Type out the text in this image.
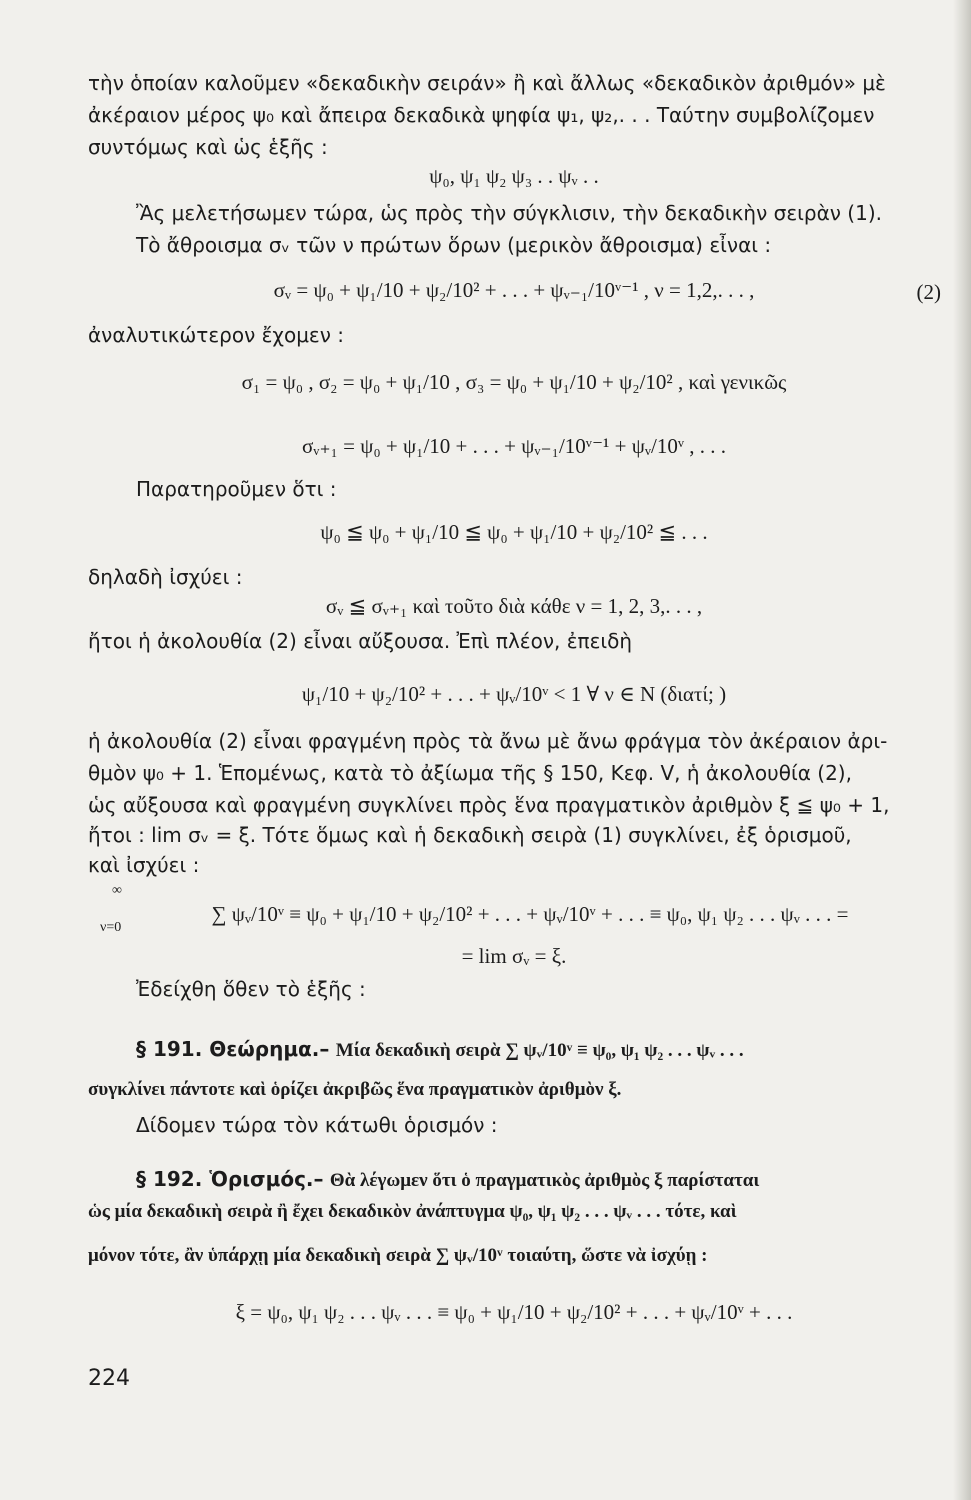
τὴν ὁποίαν καλοῦμεν «δεκαδικὴν σειράν» ἢ καὶ ἄλλως «δεκαδικὸν ἀριθμόν» μὲ
ἀκέραιον μέρος ψ₀ καὶ ἄπειρα δεκαδικὰ ψηφία ψ₁, ψ₂,. . . Ταύτην συμβολίζομεν
συντόμως καὶ ὡς ἑξῆς :
ψ₀, ψ₁ ψ₂ ψ₃ . . ψᵥ . .
Ἂς μελετήσωμεν τώρα, ὡς πρὸς τὴν σύγκλισιν, τὴν δεκαδικὴν σειρὰν (1).
Τὸ ἄθροισμα σᵥ τῶν ν πρώτων ὅρων (μερικὸν ἄθροισμα) εἶναι :
σᵥ = ψ₀ + ψ₁/10 + ψ₂/10² + . . . + ψᵥ₋₁/10ᵛ⁻¹ , ν = 1,2,. . . ,	(2)
ἀναλυτικώτερον ἔχομεν :
σ₁ = ψ₀ , σ₂ = ψ₀ + ψ₁/10 , σ₃ = ψ₀ + ψ₁/10 + ψ₂/10² , καὶ γενικῶς
σᵥ₊₁ = ψ₀ + ψ₁/10 + . . . + ψᵥ₋₁/10ᵛ⁻¹ + ψᵥ/10ᵛ , . . .
Παρατηροῦμεν ὅτι :
ψ₀ ≦ ψ₀ + ψ₁/10 ≦ ψ₀ + ψ₁/10 + ψ₂/10² ≦ . . .
δηλαδὴ ἰσχύει :
σᵥ ≦ σᵥ₊₁ καὶ τοῦτο διὰ κάθε ν = 1, 2, 3,. . . ,
ἤτοι ἡ ἀκολουθία (2) εἶναι αὔξουσα. Ἐπὶ πλέον, ἐπειδὴ
ψ₁/10 + ψ₂/10² + . . . + ψᵥ/10ᵛ < 1 ∀ ν ∈ N (διατί; )
ἡ ἀκολουθία (2) εἶναι φραγμένη πρὸς τὰ ἄνω μὲ ἄνω φράγμα τὸν ἀκέραιον ἀρι-
θμὸν ψ₀ + 1. Ἑπομένως, κατὰ τὸ ἀξίωμα τῆς § 150, Κεφ. V, ἡ ἀκολουθία (2),
ὡς αὔξουσα καὶ φραγμένη συγκλίνει πρὸς ἕνα πραγματικὸν ἀριθμὸν ξ ≦ ψ₀ + 1,
ἤτοι : lim σᵥ = ξ. Τότε ὅμως καὶ ἡ δεκαδικὴ σειρὰ (1) συγκλίνει, ἐξ ὁρισμοῦ,
καὶ ἰσχύει :
∞
ν=0
∑ ψᵥ/10ᵛ ≡ ψ₀ + ψ₁/10 + ψ₂/10² + . . . + ψᵥ/10ᵛ + . . . ≡ ψ₀, ψ₁ ψ₂ . . . ψᵥ . . . =
= lim σᵥ = ξ.
Ἐδείχθη ὅθεν τὸ ἑξῆς :
§ 191. Θεώρημα.– Μία δεκαδικὴ σειρὰ ∑ ψᵥ/10ᵛ ≡ ψ₀, ψ₁ ψ₂ . . . ψᵥ . . .
συγκλίνει πάντοτε καὶ ὁρίζει ἀκριβῶς ἕνα πραγματικὸν ἀριθμὸν ξ.
Δίδομεν τώρα τὸν κάτωθι ὁρισμόν :
§ 192. Ὁρισμός.– Θὰ λέγωμεν ὅτι ὁ πραγματικὸς ἀριθμὸς ξ παρίσταται
ὡς μία δεκαδικὴ σειρὰ ἢ ἔχει δεκαδικὸν ἀνάπτυγμα ψ₀, ψ₁ ψ₂ . . . ψᵥ . . . τότε, καὶ
μόνον τότε, ἂν ὑπάρχῃ μία δεκαδικὴ σειρὰ ∑ ψᵥ/10ᵛ τοιαύτη, ὥστε νὰ ἰσχύῃ :
ξ = ψ₀, ψ₁ ψ₂ . . . ψᵥ . . . ≡ ψ₀ + ψ₁/10 + ψ₂/10² + . . . + ψᵥ/10ᵛ + . . .
224
